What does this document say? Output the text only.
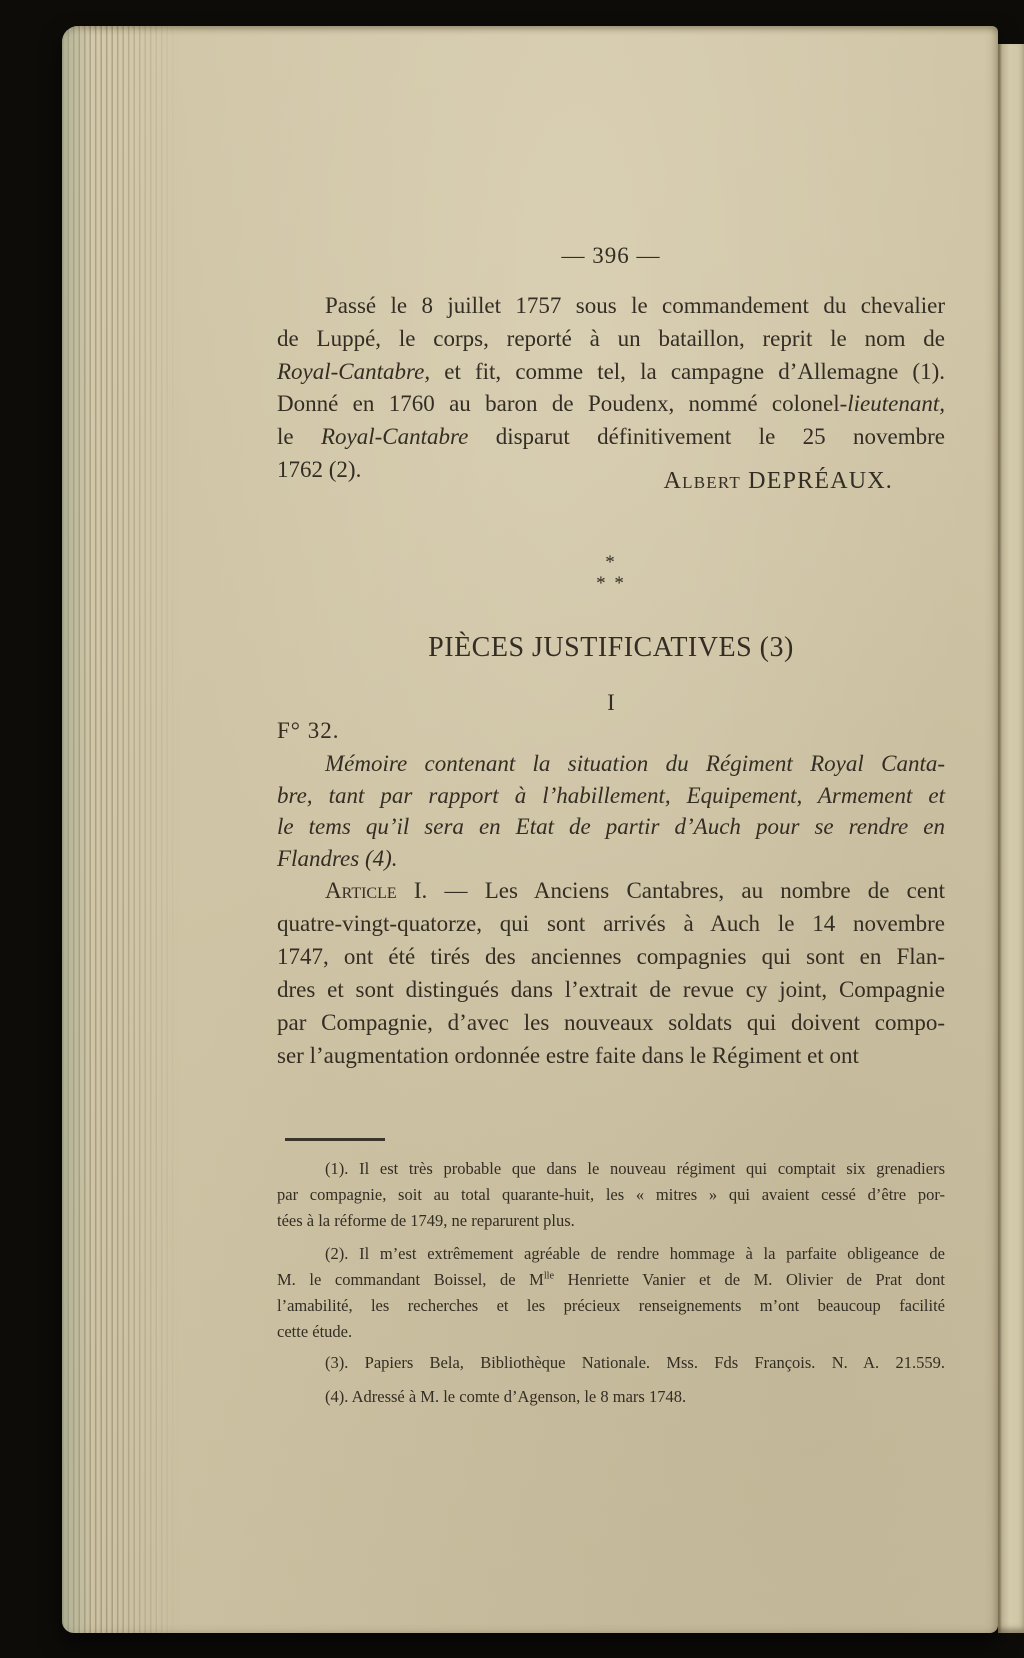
— 396 —
Passé le 8 juillet 1757 sous le commandement du chevalier
de Luppé, le corps, reporté à un bataillon, reprit le nom de
Royal-Cantabre, et fit, comme tel, la campagne d’Allemagne (1).
Donné en 1760 au baron de Poudenx, nommé colonel-lieutenant,
le Royal-Cantabre disparut définitivement le 25 novembre
1762 (2).	Albert DEPRÉAUX.
*
* *
PIÈCES JUSTIFICATIVES (3)
I
F° 32.
Mémoire contenant la situation du Régiment Royal Canta-
bre, tant par rapport à l’habillement, Equipement, Armement et
le tems qu’il sera en Etat de partir d’Auch pour se rendre en
Flandres (4).
Article I. — Les Anciens Cantabres, au nombre de cent
quatre-vingt-quatorze, qui sont arrivés à Auch le 14 novembre
1747, ont été tirés des anciennes compagnies qui sont en Flan-
dres et sont distingués dans l’extrait de revue cy joint, Compagnie
par Compagnie, d’avec les nouveaux soldats qui doivent compo-
ser l’augmentation ordonnée estre faite dans le Régiment et ont
(1). Il est très probable que dans le nouveau régiment qui comptait six grenadiers
par compagnie, soit au total quarante-huit, les « mitres » qui avaient cessé d’être por-
tées à la réforme de 1749, ne reparurent plus.
(2). Il m’est extrêmement agréable de rendre hommage à la parfaite obligeance de
M. le commandant Boissel, de $M^{lle}$ Henriette Vanier et de M. Olivier de Prat dont
l’amabilité, les recherches et les précieux renseignements m’ont beaucoup facilité
cette étude.
(3). Papiers Bela, Bibliothèque Nationale. Mss. Fds François. N. A. 21.559.
(4). Adressé à M. le comte d’Agenson, le 8 mars 1748.
